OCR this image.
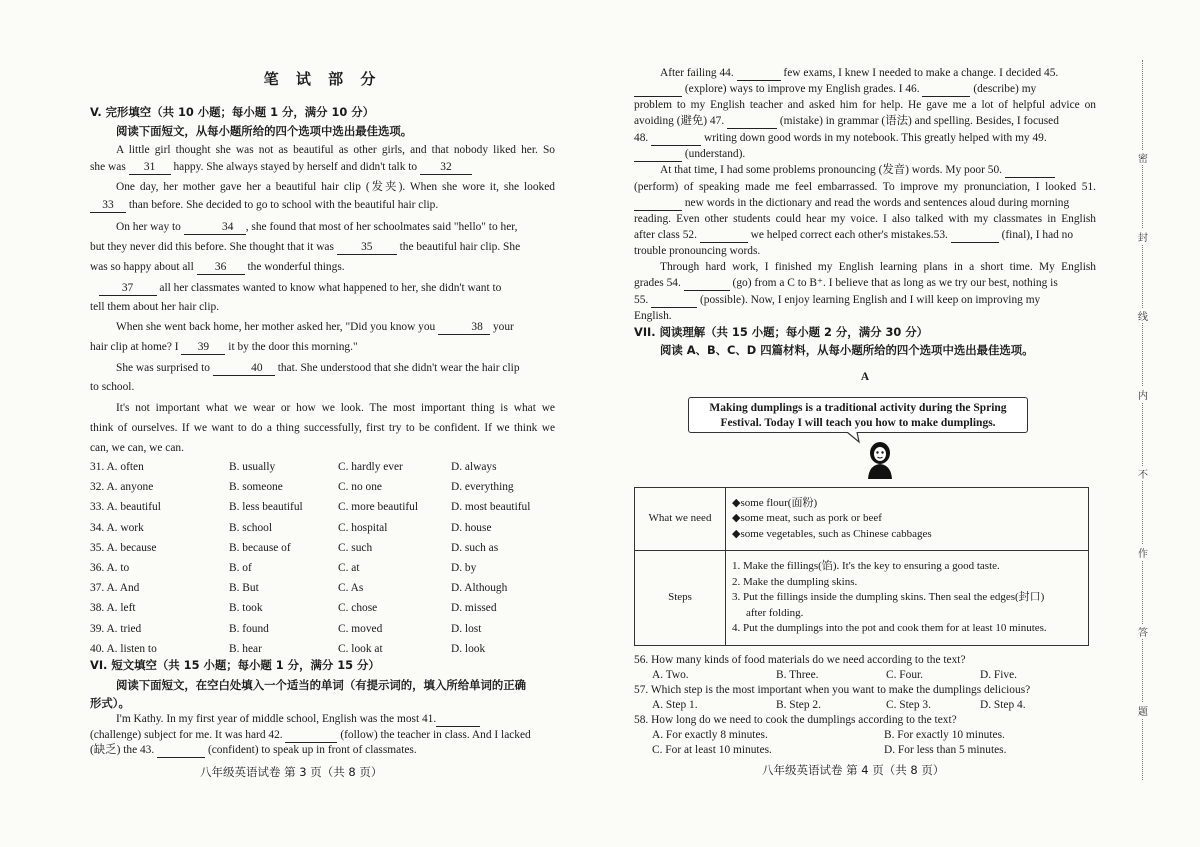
笔 试 部 分
V. 完形填空（共 10 小题；每小题 1 分，满分 10 分）
阅读下面短文，从每小题所给的四个选项中选出最佳选项。
A little girl thought she was not as beautiful as other girls, and that nobody liked her. So
she was 31 happy. She always stayed by herself and didn't talk to 32
One day, her mother gave her a beautiful hair clip (发夹). When she wore it, she looked
33 than before. She decided to go to school with the beautiful hair clip.
On her way to	34 , she found that most of her schoolmates said "hello" to her,
but they never did this before. She thought that it was 35 the beautiful hair clip. She
was so happy about all 36 the wonderful things.
37 all her classmates wanted to know what happened to her, she didn't want to
tell them about her hair clip.
When she went back home, her mother asked her, "Did you know you	38 your
hair clip at home? I 39 it by the door this morning."
She was surprised to	40 that. She understood that she didn't wear the hair clip
to school.
It's not important what we wear or how we look. The most important thing is what we
think of ourselves. If we want to do a thing successfully, first try to be confident. If we think we
can, we can, we can.
31. A. often	B. usually	C. hardly ever	D. always
32. A. anyone	B. someone	C. no one	D. everything
33. A. beautiful	B. less beautiful	C. more beautiful	D. most beautiful
34. A. work	B. school	C. hospital	D. house
35. A. because	B. because of	C. such	D. such as
36. A. to	B. of	C. at	D. by
37. A. And	B. But	C. As	D. Although
38. A. left	B. took	C. chose	D. missed
39. A. tried	B. found	C. moved	D. lost
40. A. listen to	B. hear	C. look at	D. look
VI. 短文填空（共 15 小题；每小题 1 分，满分 15 分）
阅读下面短文，在空白处填入一个适当的单词（有提示词的，填入所给单词的正确
形式）。
I'm Kathy. In my first year of middle school, English was the most 41.
(challenge) subject for me. It was hard 42.	(follow) the teacher in class. And I lacked
(缺乏) the 43.	(confident) to speak up in front of classmates.
八年级英语试卷 第 3 页（共 8 页）
After failing 44.	few exams, I knew I needed to make a change. I decided 45.
(explore) ways to improve my English grades. I 46.	(describe) my
problem to my English teacher and asked him for help. He gave me a lot of helpful advice on
avoiding (避免) 47.	(mistake) in grammar (语法) and spelling. Besides, I focused
48.	writing down good words in my notebook. This greatly helped with my 49.
(understand).
At that time, I had some problems pronouncing (发音) words. My poor 50.
(perform) of speaking made me feel embarrassed. To improve my pronunciation, I looked 51.
new words in the dictionary and read the words and sentences aloud during morning
reading. Even other students could hear my voice. I also talked with my classmates in English
after class 52.	we helped correct each other's mistakes.53.	(final), I had no
trouble pronouncing words.
Through hard work, I finished my English learning plans in a short time. My English
grades 54.	(go) from a C to B⁺. I believe that as long as we try our best, nothing is
55.	(possible). Now, I enjoy learning English and I will keep on improving my
English.
VII. 阅读理解（共 15 小题；每小题 2 分，满分 30 分）
阅读 A、B、C、D 四篇材料，从每小题所给的四个选项中选出最佳选项。
A
56. How many kinds of food materials do we need according to the text?
A. Two.	B. Three.	C. Four.	D. Five.
57. Which step is the most important when you want to make the dumplings delicious?
A. Step 1.	B. Step 2.	C. Step 3.	D. Step 4.
58. How long do we need to cook the dumplings according to the text?
A. For exactly 8 minutes.	B. For exactly 10 minutes.
C. For at least 10 minutes.	D. For less than 5 minutes.
八年级英语试卷 第 4 页（共 8 页）
Making dumplings is a traditional activity during the Spring
Festival. Today I will teach you how to make dumplings.
What we need	◆some flour(面粉)
◆some meat, such as pork or beef
◆some vegetables, such as Chinese cabbages

Steps	1. Make the fillings(馅). It's the key to ensuring a good taste.
2. Make the dumpling skins.
3. Put the fillings inside the dumpling skins. Then seal the edges(封口)
after folding.
4. Put the dumplings into the pot and cook them for at least 10 minutes.
密
封
线
内
不
作
答
题
